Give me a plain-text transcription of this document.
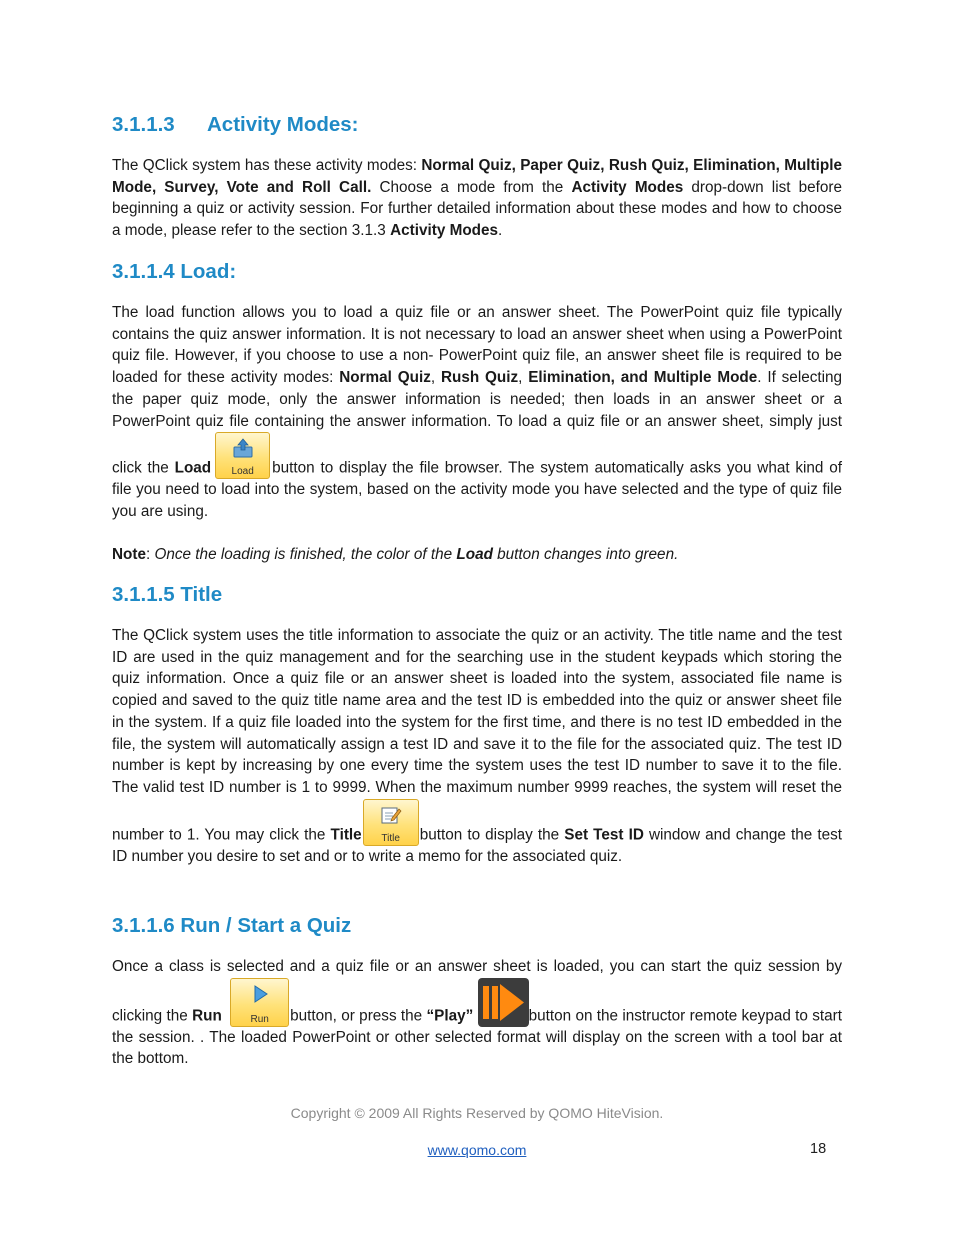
3.1.1.3 Activity Modes:

The QClick system has these activity modes: Normal Quiz, Paper Quiz, Rush Quiz, Elimination, Multiple Mode, Survey, Vote and Roll Call. Choose a mode from the Activity Modes drop-down list before beginning a quiz or activity session. For further detailed information about these modes and how to choose a mode, please refer to the section 3.1.3 Activity Modes.

3.1.1.4 Load:

The load function allows you to load a quiz file or an answer sheet. The PowerPoint quiz file typically contains the quiz answer information. It is not necessary to load an answer sheet when using a PowerPoint quiz file. However, if you choose to use a non- PowerPoint quiz file, an answer sheet file is required to be loaded for these activity modes: Normal Quiz, Rush Quiz, Elimination, and Multiple Mode. If selecting the paper quiz mode, only the answer information is needed; then loads in an answer sheet or a PowerPoint quiz file containing the answer information. To load a quiz file or an answer sheet, simply just click the Load	Load	button to display the file browser. The system automatically asks you what kind of file you need to load into the system, based on the activity mode you have selected and the type of quiz file you are using.

Note: Once the loading is finished, the color of the Load button changes into green.

3.1.1.5 Title

The QClick system uses the title information to associate the quiz or an activity. The title name and the test ID are used in the quiz management and for the searching use in the student keypads which storing the quiz information. Once a quiz file or an answer sheet is loaded into the system, associated file name is copied and saved to the quiz title name area and the test ID is embedded into the quiz or answer sheet file in the system. If a quiz file loaded into the system for the first time, and there is no test ID embedded in the file, the system will automatically assign a test ID and save it to the file for the associated quiz. The test ID number is kept by increasing by one every time the system uses the test ID number to save it to the file. The valid test ID number is 1 to 9999. When the maximum number 9999 reaches, the system will reset the number to 1. You may click the Title	Title	button to display the Set Test ID window and change the test ID number you desire to set and or to write a memo for the associated quiz.

3.1.1.6 Run / Start a Quiz

Once a class is selected and a quiz file or an answer sheet is loaded, you can start the quiz session by clicking the Run	Run	button, or press the “Play”	button on the instructor remote keypad to start the session. . The loaded PowerPoint or other selected format will display on the screen with a tool bar at the bottom.

Copyright © 2009 All Rights Reserved by QOMO HiteVision.
www.qomo.com	18
